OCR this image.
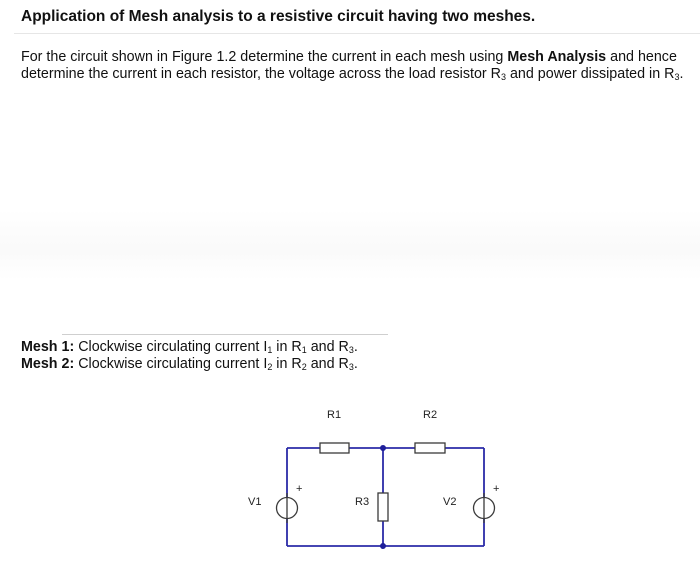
Application of Mesh analysis to a resistive circuit having two meshes.
For the circuit shown in Figure 1.2 determine the current in each mesh using Mesh Analysis and hence determine the current in each resistor, the voltage across the load resistor $R_3$ and power dissipated in $R_3$.
Mesh 1: Clockwise circulating current $I_1$ in $R_1$ and $R_3$.
Mesh 2: Clockwise circulating current $I_2$ in $R_2$ and $R_3$.
R1	R2
R3
V1	V2
+	+
